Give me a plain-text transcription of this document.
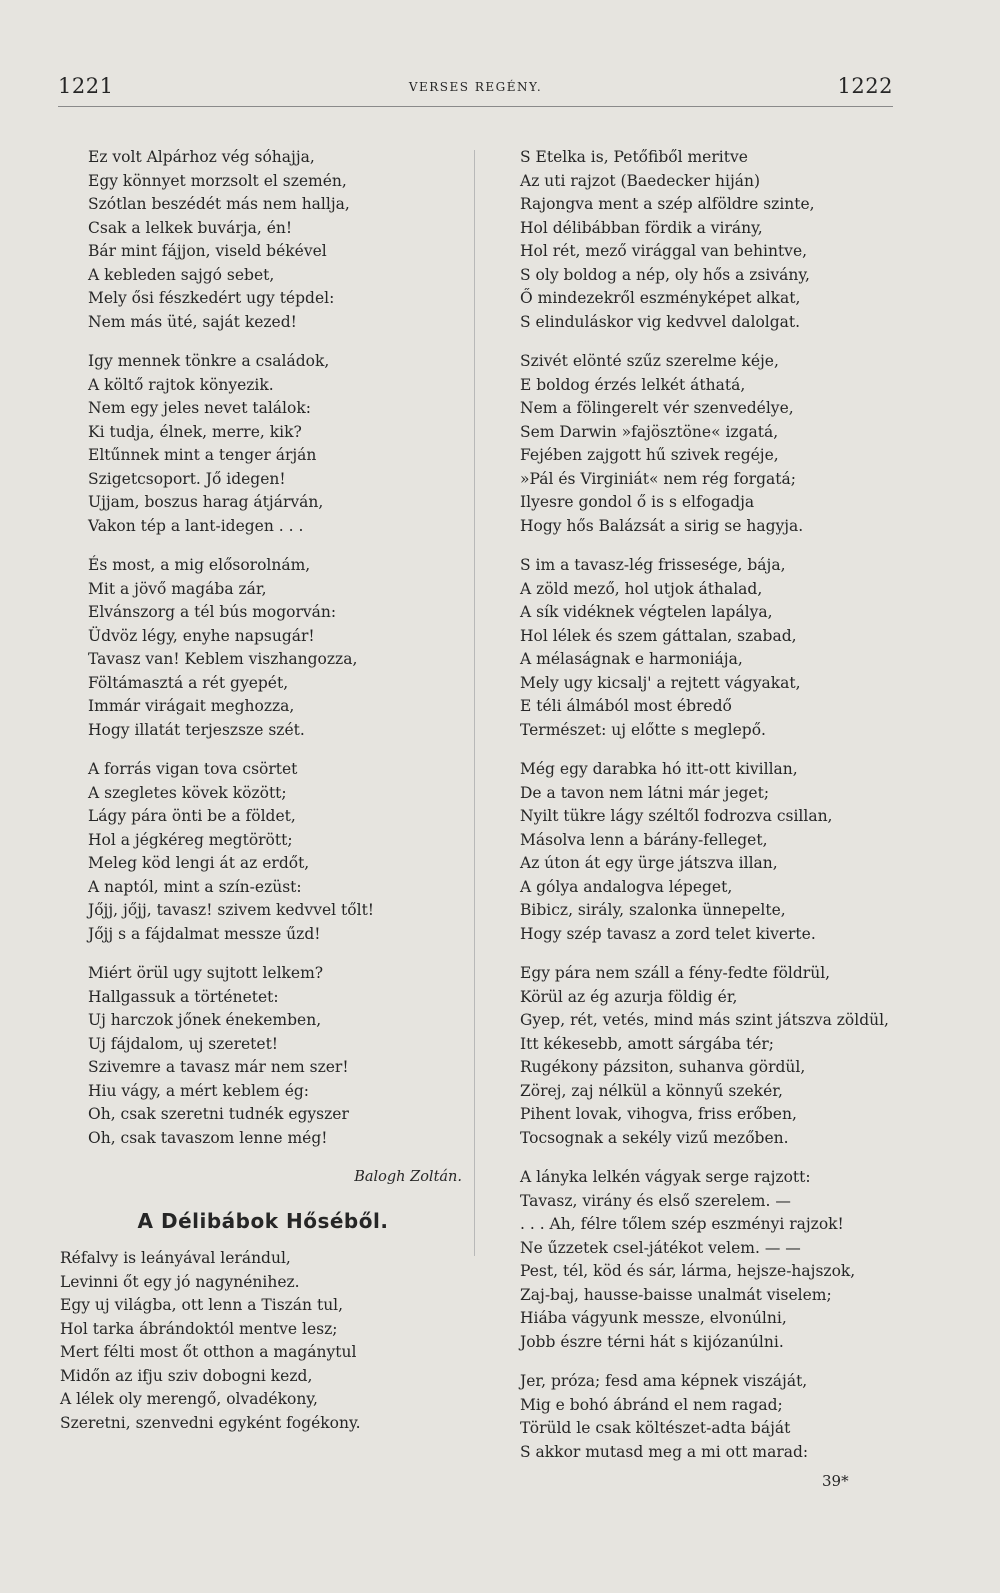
1221	VERSES REGÉNY.	1222
Ez volt Alpárhoz vég sóhajja,
Egy könnyet morzsolt el szemén,
Szótlan beszédét más nem hallja,
Csak a lelkek buvárja, én!
Bár mint fájjon, viseld békével
A kebleden sajgó sebet,
Mely ősi fészkedért ugy tépdel:
Nem más üté, saját kezed!
Igy mennek tönkre a családok,
A költő rajtok könyezik.
Nem egy jeles nevet találok:
Ki tudja, élnek, merre, kik?
Eltűnnek mint a tenger árján
Szigetcsoport. Jő idegen!
Ujjam, boszus harag átjárván,
Vakon tép a lant-idegen . . .
És most, a mig elősorolnám,
Mit a jövő magába zár,
Elvánszorg a tél bús mogorván:
Üdvöz légy, enyhe napsugár!
Tavasz van! Keblem viszhangozza,
Föltámasztá a rét gyepét,
Immár virágait meghozza,
Hogy illatát terjeszsze szét.
A forrás vigan tova csörtet
A szegletes kövek között;
Lágy pára önti be a földet,
Hol a jégkéreg megtörött;
Meleg köd lengi át az erdőt,
A naptól, mint a szín-ezüst:
Jőjj, jőjj, tavasz! szivem kedvvel tőlt!
Jőjj s a fájdalmat messze űzd!
Miért örül ugy sujtott lelkem?
Hallgassuk a történetet:
Uj harczok jőnek énekemben,
Uj fájdalom, uj szeretet!
Szivemre a tavasz már nem szer!
Hiu vágy, a mért keblem ég:
Oh, csak szeretni tudnék egyszer
Oh, csak tavaszom lenne még!
Balogh Zoltán.
A Délibábok Hőséből.
Réfalvy is leányával lerándul,
Levinni őt egy jó nagynénihez.
Egy uj világba, ott lenn a Tiszán tul,
Hol tarka ábrándoktól mentve lesz;
Mert félti most őt otthon a magánytul
Midőn az ifju sziv dobogni kezd,
A lélek oly merengő, olvadékony,
Szeretni, szenvedni egyként fogékony.
S Etelka is, Petőfiből meritve
Az uti rajzot (Baedecker hiján)
Rajongva ment a szép alföldre szinte,
Hol délibábban fördik a virány,
Hol rét, mező virággal van behintve,
S oly boldog a nép, oly hős a zsivány,
Ő mindezekről eszményképet alkat,
S elinduláskor vig kedvvel dalolgat.
Szivét elönté szűz szerelme kéje,
E boldog érzés lelkét áthatá,
Nem a fölingerelt vér szenvedélye,
Sem Darwin »fajösztöne« izgatá,
Fejében zajgott hű szivek regéje,
»Pál és Virginiát« nem rég forgatá;
Ilyesre gondol ő is s elfogadja
Hogy hős Balázsát a sirig se hagyja.
S im a tavasz-lég frissesége, bája,
A zöld mező, hol utjok áthalad,
A sík vidéknek végtelen lapálya,
Hol lélek és szem gáttalan, szabad,
A mélaságnak e harmoniája,
Mely ugy kicsalj' a rejtett vágyakat,
E téli álmából most ébredő
Természet: uj előtte s meglepő.
Még egy darabka hó itt-ott kivillan,
De a tavon nem látni már jeget;
Nyilt tükre lágy széltől fodrozva csillan,
Másolva lenn a bárány-felleget,
Az úton át egy ürge játszva illan,
A gólya andalogva lépeget,
Bibicz, sirály, szalonka ünnepelte,
Hogy szép tavasz a zord telet kiverte.
Egy pára nem száll a fény-fedte földrül,
Körül az ég azurja földig ér,
Gyep, rét, vetés, mind más szint játszva zöldül,
Itt kékesebb, amott sárgába tér;
Rugékony pázsiton, suhanva gördül,
Zörej, zaj nélkül a könnyű szekér,
Pihent lovak, vihogva, friss erőben,
Tocsognak a sekély vizű mezőben.
A lányka lelkén vágyak serge rajzott:
Tavasz, virány és első szerelem. —
. . . Ah, félre tőlem szép eszményi rajzok!
Ne űzzetek csel-játékot velem. — —
Pest, tél, köd és sár, lárma, hejsze-hajszok,
Zaj-baj, hausse-baisse unalmát viselem;
Hiába vágyunk messze, elvonúlni,
Jobb észre térni hát s kijózanúlni.
Jer, próza; fesd ama képnek viszáját,
Mig e bohó ábránd el nem ragad;
Törüld le csak költészet-adta báját
S akkor mutasd meg a mi ott marad:
39*
